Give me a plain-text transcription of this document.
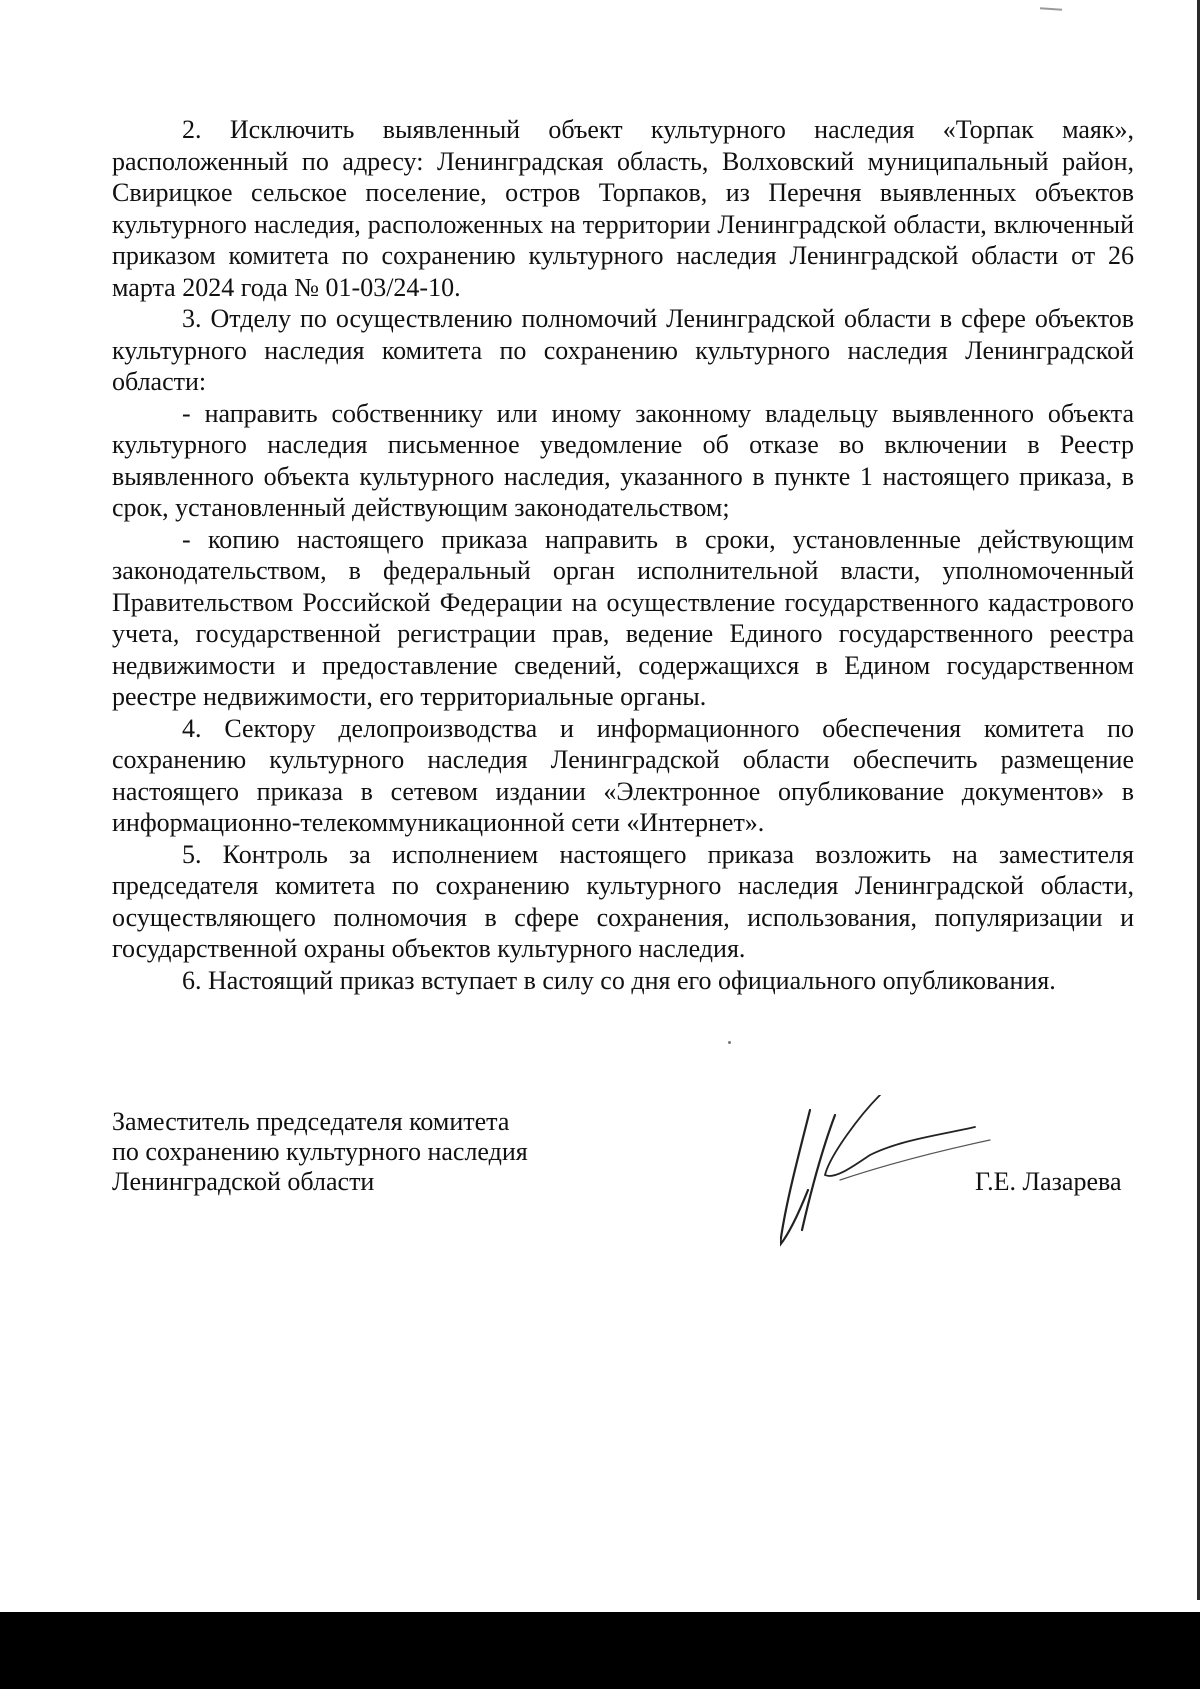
2. Исключить выявленный объект культурного наследия «Торпак маяк», расположенный по адресу: Ленинградская область, Волховский муниципальный район, Свирицкое сельское поселение, остров Торпаков, из Перечня выявленных объектов культурного наследия, расположенных на территории Ленинградской области, включенный приказом комитета по сохранению культурного наследия Ленинградской области от 26 марта 2024 года № 01-03/24-10.

3. Отделу по осуществлению полномочий Ленинградской области в сфере объектов культурного наследия комитета по сохранению культурного наследия Ленинградской области:

- направить собственнику или иному законному владельцу выявленного объекта культурного наследия письменное уведомление об отказе во включении в Реестр выявленного объекта культурного наследия, указанного в пункте 1 настоящего приказа, в срок, установленный действующим законодательством;

- копию настоящего приказа направить в сроки, установленные действующим законодательством, в федеральный орган исполнительной власти, уполномоченный Правительством Российской Федерации на осуществление государственного кадастрового учета, государственной регистрации прав, ведение Единого государственного реестра недвижимости и предоставление сведений, содержащихся в Едином государственном реестре недвижимости, его территориальные органы.

4. Сектору делопроизводства и информационного обеспечения комитета по сохранению культурного наследия Ленинградской области обеспечить размещение настоящего приказа в сетевом издании «Электронное опубликование документов» в информационно-телекоммуникационной сети «Интернет».

5. Контроль за исполнением настоящего приказа возложить на заместителя председателя комитета по сохранению культурного наследия Ленинградской области, осуществляющего полномочия в сфере сохранения, использования, популяризации и государственной охраны объектов культурного наследия.

6. Настоящий приказ вступает в силу со дня его официального опубликования.

Заместитель председателя комитета
по сохранению культурного наследия
Ленинградской области	Г.Е. Лазарева
